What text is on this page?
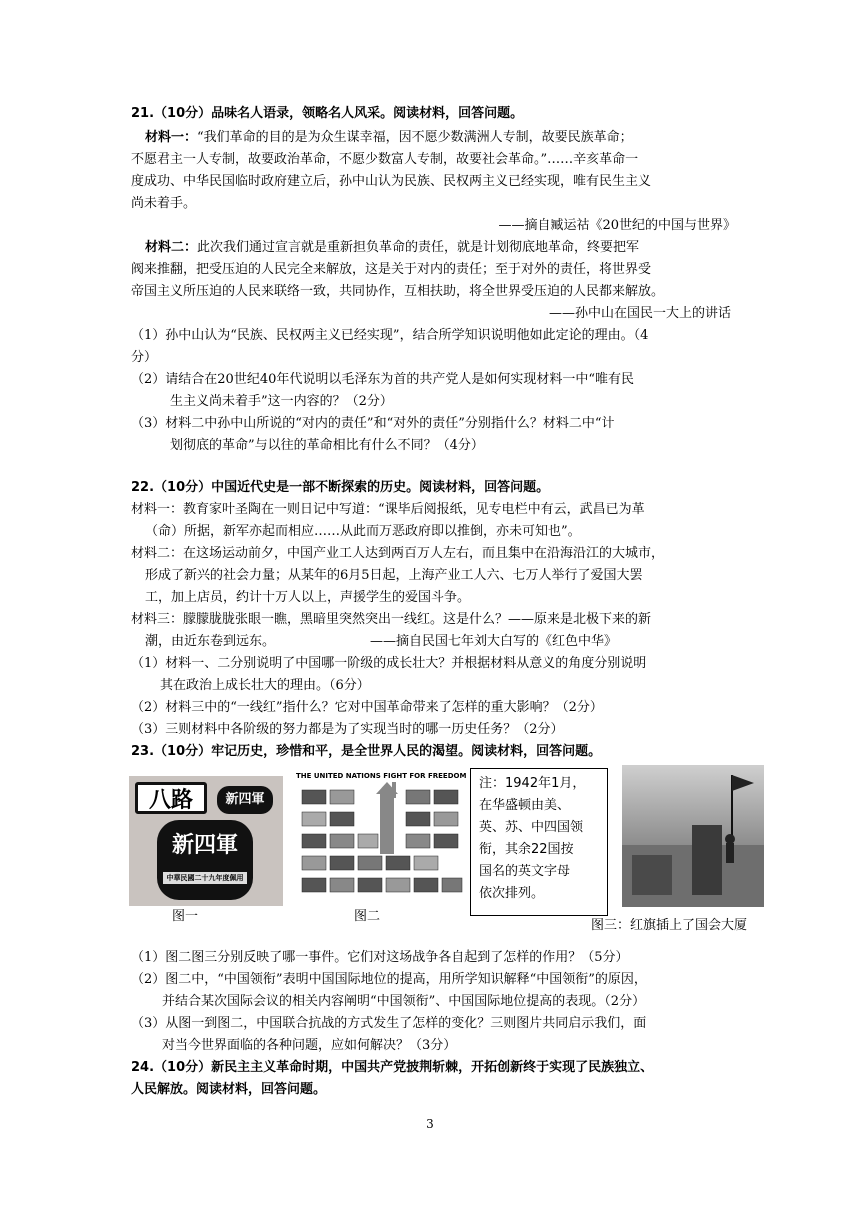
21.（10分）品味名人语录，领略名人风采。阅读材料，回答问题。
材料一：“我们革命的目的是为众生谋幸福，因不愿少数满洲人专制，故要民族革命；
不愿君主一人专制，故要政治革命，不愿少数富人专制，故要社会革命。”……辛亥革命一
度成功、中华民国临时政府建立后，孙中山认为民族、民权两主义已经实现，唯有民生主义
尚未着手。
——摘自臧运祜《20世纪的中国与世界》
材料二：此次我们通过宣言就是重新担负革命的责任，就是计划彻底地革命，终要把军
阀来推翻，把受压迫的人民完全来解放，这是关于对内的责任；至于对外的责任，将世界受
帝国主义所压迫的人民来联络一致，共同协作，互相扶助，将全世界受压迫的人民都来解放。
——孙中山在国民一大上的讲话
（1）孙中山认为“民族、民权两主义已经实现”，结合所学知识说明他如此定论的理由。（4
分）
（2）请结合在20世纪40年代说明以毛泽东为首的共产党人是如何实现材料一中“唯有民
生主义尚未着手”这一内容的？（2分）
（3）材料二中孙中山所说的“对内的责任”和“对外的责任”分别指什么？材料二中“计
划彻底的革命”与以往的革命相比有什么不同？（4分）
22.（10分）中国近代史是一部不断探索的历史。阅读材料，回答问题。
材料一：教育家叶圣陶在一则日记中写道：“课毕后阅报纸，见专电栏中有云，武昌已为革
（命）所据，新军亦起而相应……从此而万恶政府即以推倒，亦未可知也”。
材料二：在这场运动前夕，中国产业工人达到两百万人左右，而且集中在沿海沿江的大城市，
形成了新兴的社会力量；从某年的6月5日起，上海产业工人六、七万人举行了爱国大罢
工，加上店员，约计十万人以上，声援学生的爱国斗争。
材料三：朦朦胧胧张眼一瞧，黑暗里突然突出一线红。这是什么？——原来是北极下来的新
潮，由近东卷到远东。	——摘自民国七年刘大白写的《红色中华》
（1）材料一、二分别说明了中国哪一阶级的成长壮大？并根据材料从意义的角度分别说明
其在政治上成长壮大的理由。（6分）
（2）材料三中的“一线红”指什么？它对中国革命带来了怎样的重大影响？（2分）
（3）三则材料中各阶级的努力都是为了实现当时的哪一历史任务？（2分）
23.（10分）牢记历史，珍惜和平，是全世界人民的渴望。阅读材料，回答问题。
八路	新四軍
新四軍
中華民國二十九年度佩用
图一
THE UNITED NATIONS FIGHT FOR FREEDOM
图二
注：1942年1月，
在华盛顿由美、
英、苏、中四国领
衔，其余22国按
国名的英文字母
依次排列。
图三：红旗插上了国会大厦
（1）图二图三分别反映了哪一事件。它们对这场战争各自起到了怎样的作用？（5分）
（2）图二中，“中国领衔”表明中国国际地位的提高，用所学知识解释“中国领衔”的原因，
并结合某次国际会议的相关内容阐明“中国领衔”、中国国际地位提高的表现。（2分）
（3）从图一到图二，中国联合抗战的方式发生了怎样的变化？三则图片共同启示我们，面
对当今世界面临的各种问题，应如何解决？（3分）
24.（10分）新民主主义革命时期，中国共产党披荆斩棘，开拓创新终于实现了民族独立、
人民解放。阅读材料，回答问题。
3
